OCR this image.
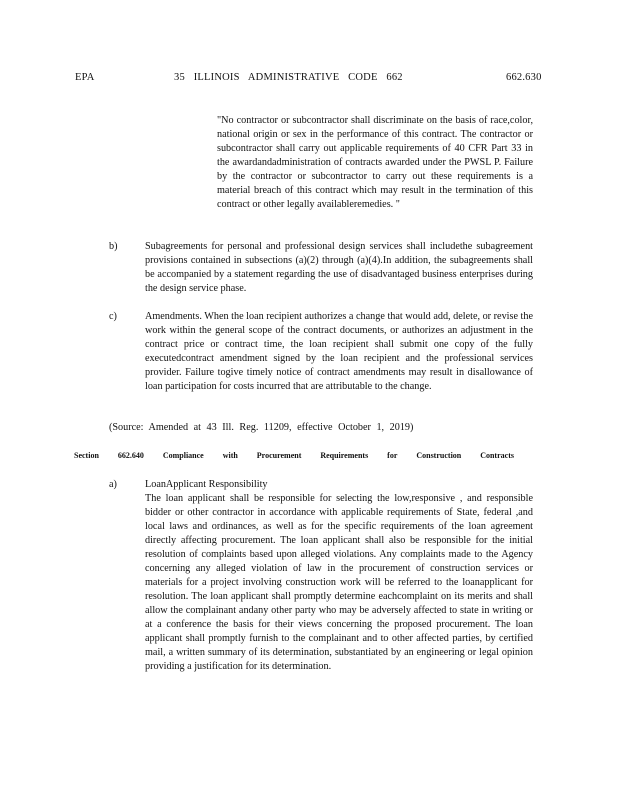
EPA	35 ILLINOIS ADMINISTRATIVE CODE 662	662.630
"No contractor or subcontractor shall discriminate on the basis of race,color, national origin or sex in the performance of this contract. The contractor or subcontractor shall carry out applicable requirements of 40 CFR Part 33 in the awardandadministration of contracts awarded under the PWSL P. Failure by the contractor or subcontractor to carry out these requirements is a material breach of this contract which may result in the termination of this contract or other legally availableremedies. "
b)	Subagreements for personal and professional design services shall includethe subagreement provisions contained in subsections (a)(2) through (a)(4).In addition, the subagreements shall be accompanied by a statement regarding the use of disadvantaged business enterprises during the design service phase.
c)	Amendments. When the loan recipient authorizes a change that would add, delete, or revise the work within the general scope of the contract documents, or authorizes an adjustment in the contract price or contract time, the loan recipient shall submit one copy of the fully executedcontract amendment signed by the loan recipient and the professional services provider. Failure togive timely notice of contract amendments may result in disallowance of loan participation for costs incurred that are attributable to the change.
(Source: Amended at 43 Ill. Reg. 11209, effective October 1, 2019)
Section 662.640 Compliance with Procurement Requirements for Construction Contracts
a)	LoanApplicant Responsibility
The loan applicant shall be responsible for selecting the low,responsive , and responsible bidder or other contractor in accordance with applicable requirements of State, federal ,and local laws and ordinances, as well as for the specific requirements of the loan agreement directly affecting procurement. The loan applicant shall also be responsible for the initial resolution of complaints based upon alleged violations. Any complaints made to the Agency concerning any alleged violation of law in the procurement of construction services or materials for a project involving construction work will be referred to the loanapplicant for resolution. The loan applicant shall promptly determine eachcomplaint on its merits and shall allow the complainant andany other party who may be adversely affected to state in writing or at a conference the basis for their views concerning the proposed procurement. The loan applicant shall promptly furnish to the complainant and to other affected parties, by certified mail, a written summary of its determination, substantiated by an engineering or legal opinion providing a justification for its determination.
